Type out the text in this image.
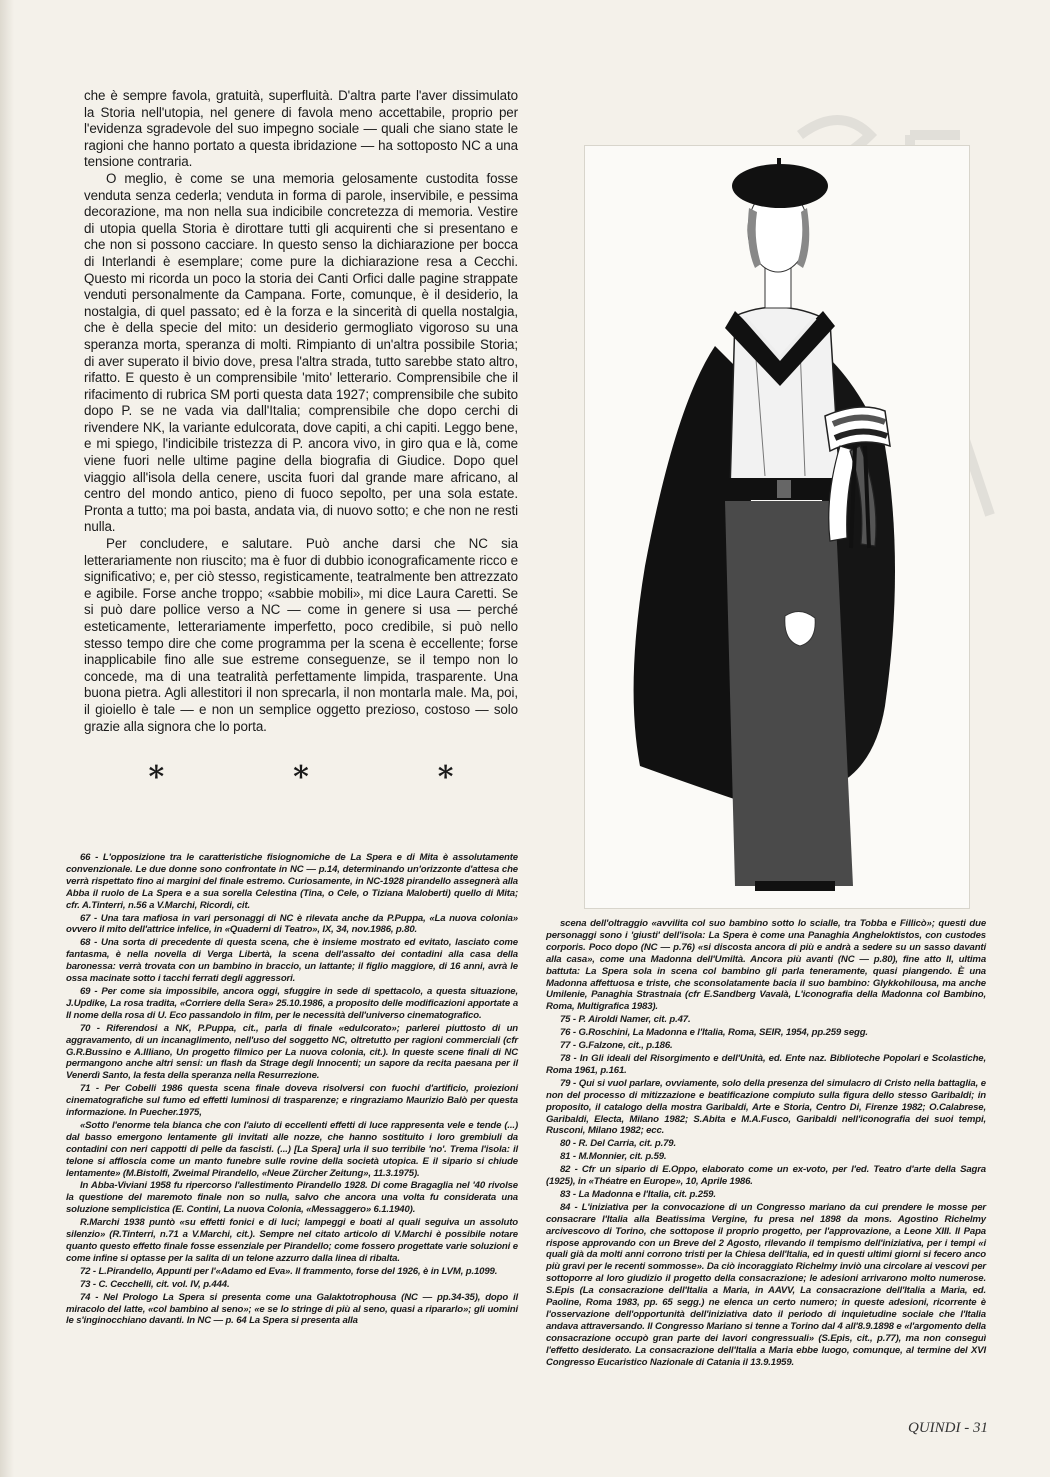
che è sempre favola, gratuità, superfluità. D'altra parte l'aver dissimulato la Storia nell'utopia, nel genere di favola meno accettabile, proprio per l'evidenza sgradevole del suo impegno sociale — quali che siano state le ragioni che hanno portato a questa ibridazione — ha sottoposto NC a una tensione contraria.

O meglio, è come se una memoria gelosamente custodita fosse venduta senza cederla; venduta in forma di parole, inservibile, e pessima decorazione, ma non nella sua indicibile concretezza di memoria. Vestire di utopia quella Storia è dirottare tutti gli acquirenti che si presentano e che non si possono cacciare. In questo senso la dichiarazione per bocca di Interlandi è esemplare; come pure la dichiarazione resa a Cecchi. Questo mi ricorda un poco la storia dei Canti Orfici dalle pagine strappate venduti personalmente da Campana. Forte, comunque, è il desiderio, la nostalgia, di quel passato; ed è la forza e la sincerità di quella nostalgia, che è della specie del mito: un desiderio germogliato vigoroso su una speranza morta, speranza di molti. Rimpianto di un'altra possibile Storia; di aver superato il bivio dove, presa l'altra strada, tutto sarebbe stato altro, rifatto. E questo è un comprensibile 'mito' letterario. Comprensibile che il rifacimento di rubrica SM porti questa data 1927; comprensibile che subito dopo P. se ne vada via dall'Italia; comprensibile che dopo cerchi di rivendere NK, la variante edulcorata, dove capiti, a chi capiti. Leggo bene, e mi spiego, l'indicibile tristezza di P. ancora vivo, in giro qua e là, come viene fuori nelle ultime pagine della biografia di Giudice. Dopo quel viaggio all'isola della cenere, uscita fuori dal grande mare africano, al centro del mondo antico, pieno di fuoco sepolto, per una sola estate. Pronta a tutto; ma poi basta, andata via, di nuovo sotto; e che non ne resti nulla.

Per concludere, e salutare. Può anche darsi che NC sia letterariamente non riuscito; ma è fuor di dubbio iconograficamente ricco e significativo; e, per ciò stesso, registicamente, teatralmente ben attrezzato e agibile. Forse anche troppo; «sabbie mobili», mi dice Laura Caretti. Se si può dare pollice verso a NC — come in genere si usa — perché esteticamente, letterariamente imperfetto, poco credibile, si può nello stesso tempo dire che come programma per la scena è eccellente; forse inapplicabile fino alle sue estreme conseguenze, se il tempo non lo concede, ma di una teatralità perfettamente limpida, trasparente. Una buona pietra. Agli allestitori il non sprecarla, il non montarla male. Ma, poi, il gioiello è tale — e non un semplice oggetto prezioso, costoso — solo grazie alla signora che lo porta.

*	*	*

66 - L'opposizione tra le caratteristiche fisiognomiche de La Spera e di Mita è assolutamente convenzionale. Le due donne sono confrontate in NC — p.14, determinando un'orizzonte d'attesa che verrà rispettato fino ai margini del finale estremo. Curiosamente, in NC-1928 pirandello assegnerà alla Abba il ruolo de La Spera e a sua sorella Celestina (Tina, o Cele, o Tiziana Maloberti) quello di Mita; cfr. A.Tinterri, n.56 a V.Marchi, Ricordi, cit.

67 - Una tara mafiosa in vari personaggi di NC è rilevata anche da P.Puppa, «La nuova colonia» ovvero il mito dell'attrice infelice, in «Quaderni di Teatro», IX, 34, nov.1986, p.80.

68 - Una sorta di precedente di questa scena, che è insieme mostrato ed evitato, lasciato come fantasma, è nella novella di Verga Libertà, la scena dell'assalto dei contadini alla casa della baronessa: verrà trovata con un bambino in braccio, un lattante; il figlio maggiore, di 16 anni, avrà le ossa macinate sotto i tacchi ferrati degli aggressori.

69 - Per come sia impossibile, ancora oggi, sfuggire in sede di spettacolo, a questa situazione, J.Updike, La rosa tradita, «Corriere della Sera» 25.10.1986, a proposito delle modificazioni apportate a Il nome della rosa di U. Eco passandolo in film, per le necessità dell'universo cinematografico.

70 - Riferendosi a NK, P.Puppa, cit., parla di finale «edulcorato»; parlerei piuttosto di un aggravamento, di un incanaglimento, nell'uso del soggetto NC, oltretutto per ragioni commerciali (cfr G.R.Bussino e A.Illiano, Un progetto filmico per La nuova colonia, cit.). In queste scene finali di NC permangono anche altri sensi: un flash da Strage degli Innocenti; un sapore da recita paesana per il Venerdì Santo, la festa della speranza nella Resurrezione.

71 - Per Cobelli 1986 questa scena finale doveva risolversi con fuochi d'artificio, proiezioni cinematografiche sul fumo ed effetti luminosi di trasparenze; e ringraziamo Maurizio Balò per questa informazione. In Puecher.1975,

«Sotto l'enorme tela bianca che con l'aiuto di eccellenti effetti di luce rappresenta vele e tende (...) dal basso emergono lentamente gli invitati alle nozze, che hanno sostituito i loro grembiuli da contadini con neri cappotti di pelle da fascisti. (...) [La Spera] urla il suo terribile 'no'. Trema l'isola: il telone si affloscia come un manto funebre sulle rovine della società utopica. E il sipario si chiude lentamente» (M.Bistolfi, Zweimal Pirandello, «Neue Zürcher Zeitung», 11.3.1975).

In Abba-Viviani 1958 fu ripercorso l'allestimento Pirandello 1928. Di come Bragaglia nel '40 rivolse la questione del maremoto finale non so nulla, salvo che ancora una volta fu considerata una soluzione semplicistica (E. Contini, La nuova Colonia, «Messaggero» 6.1.1940).

R.Marchi 1938 puntò «su effetti fonici e di luci; lampeggi e boati al quali seguiva un assoluto silenzio» (R.Tinterri, n.71 a V.Marchi, cit.). Sempre nel citato articolo di V.Marchi è possibile notare quanto questo effetto finale fosse essenziale per Pirandello; come fossero progettate varie soluzioni e come infine si optasse per la salita di un telone azzurro dalla linea di ribalta.

72 - L.Pirandello, Appunti per l'«Adamo ed Eva». Il frammento, forse del 1926, è in LVM, p.1099.

73 - C. Cecchelli, cit. vol. IV, p.444.

74 - Nel Prologo La Spera si presenta come una Galaktotrophousa (NC — pp.34-35), dopo il miracolo del latte, «col bambino al seno»; «e se lo stringe di più al seno, quasi a ripararlo»; gli uomini le s'inginocchiano davanti. In NC — p. 64 La Spera si presenta alla

scena dell'oltraggio «avvilita col suo bambino sotto lo scialle, tra Tobba e Fillicò»; questi due personaggi sono i 'giusti' dell'isola: La Spera è come una Panaghia Angheloktistos, con custodes corporis. Poco dopo (NC — p.76) «si discosta ancora di più e andrà a sedere su un sasso davanti alla casa», come una Madonna dell'Umiltà. Ancora più avanti (NC — p.80), fine atto II, ultima battuta: La Spera sola in scena col bambino gli parla teneramente, quasi piangendo. È una Madonna affettuosa e triste, che sconsolatamente bacia il suo bambino: Glykkohilousa, ma anche Umilenie, Panaghia Strastnaia (cfr E.Sandberg Vavalà, L'iconografia della Madonna col Bambino, Roma, Multigrafica 1983).

75 - P. Airoldi Namer, cit. p.47.

76 - G.Roschini, La Madonna e l'Italia, Roma, SEIR, 1954, pp.259 segg.

77 - G.Falzone, cit., p.186.

78 - In Gli ideali del Risorgimento e dell'Unità, ed. Ente naz. Biblioteche Popolari e Scolastiche, Roma 1961, p.161.

79 - Qui si vuol parlare, ovviamente, solo della presenza del simulacro di Cristo nella battaglia, e non del processo di mitizzazione e beatificazione compiuto sulla figura dello stesso Garibaldi; in proposito, il catalogo della mostra Garibaldi, Arte e Storia, Centro Di, Firenze 1982; O.Calabrese, Garibaldi, Electa, Milano 1982; S.Abita e M.A.Fusco, Garibaldi nell'iconografia dei suoi tempi, Rusconi, Milano 1982; ecc.

80 - R. Del Carria, cit. p.79.

81 - M.Monnier, cit. p.59.

82 - Cfr un sipario di E.Oppo, elaborato come un ex-voto, per l'ed. Teatro d'arte della Sagra (1925), in «Théatre en Europe», 10, Aprile 1986.

83 - La Madonna e l'Italia, cit. p.259.

84 - L'iniziativa per la convocazione di un Congresso mariano da cui prendere le mosse per consacrare l'Italia alla Beatissima Vergine, fu presa nel 1898 da mons. Agostino Richelmy arcivescovo di Torino, che sottopose il proprio progetto, per l'approvazione, a Leone XIII. Il Papa rispose approvando con un Breve del 2 Agosto, rilevando il tempismo dell'iniziativa, per i tempi «i quali già da molti anni corrono tristi per la Chiesa dell'Italia, ed in questi ultimi giorni si fecero anco più gravi per le recenti sommosse». Da ciò incoraggiato Richelmy inviò una circolare ai vescovi per sottoporre al loro giudizio il progetto della consacrazione; le adesioni arrivarono molto numerose. S.Epis (La consacrazione dell'Italia a Maria, in AAVV, La consacrazione dell'Italia a Maria, ed. Paoline, Roma 1983, pp. 65 segg.) ne elenca un certo numero; in queste adesioni, ricorrente è l'osservazione dell'opportunità dell'iniziativa dato il periodo di inquietudine sociale che l'Italia andava attraversando. Il Congresso Mariano si tenne a Torino dal 4 all'8.9.1898 e «l'argomento della consacrazione occupò gran parte dei lavori congressuali» (S.Epis, cit., p.77), ma non conseguì l'effetto desiderato. La consacrazione dell'Italia a Maria ebbe luogo, comunque, al termine del XVI Congresso Eucaristico Nazionale di Catania il 13.9.1959.

QUINDI - 31
